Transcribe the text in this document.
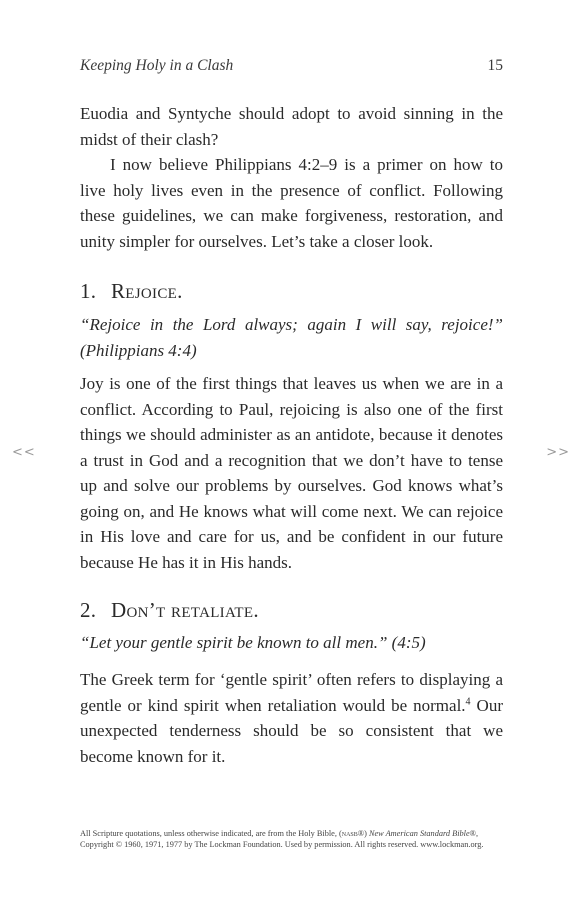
<<	>>
Keeping Holy in a Clash	15

Euodia and Syntyche should adopt to avoid sinning in the midst of their clash?

I now believe Philippians 4:2–9 is a primer on how to live holy lives even in the presence of conflict. Following these guidelines, we can make forgiveness, restoration, and unity simpler for ourselves. Let’s take a closer look.

1. Rejoice.

“Rejoice in the Lord always; again I will say, rejoice!” (Philippians 4:4)

Joy is one of the first things that leaves us when we are in a conflict. According to Paul, rejoicing is also one of the first things we should administer as an antidote, because it denotes a trust in God and a recognition that we don’t have to tense up and solve our problems by ourselves. God knows what’s going on, and He knows what will come next. We can rejoice in His love and care for us, and be confident in our future because He has it in His hands.

2. Don’t retaliate.

“Let your gentle spirit be known to all men.” (4:5)

The Greek term for ‘gentle spirit’ often refers to displaying a gentle or kind spirit when retaliation would be normal.$^4$ Our unexpected tenderness should be so consistent that we become known for it.

All Scripture quotations, unless otherwise indicated, are from the Holy Bible, (nasb®) New American Standard Bible®, Copyright © 1960, 1971, 1977 by The Lockman Foundation. Used by permission. All rights reserved. www.lockman.org.
